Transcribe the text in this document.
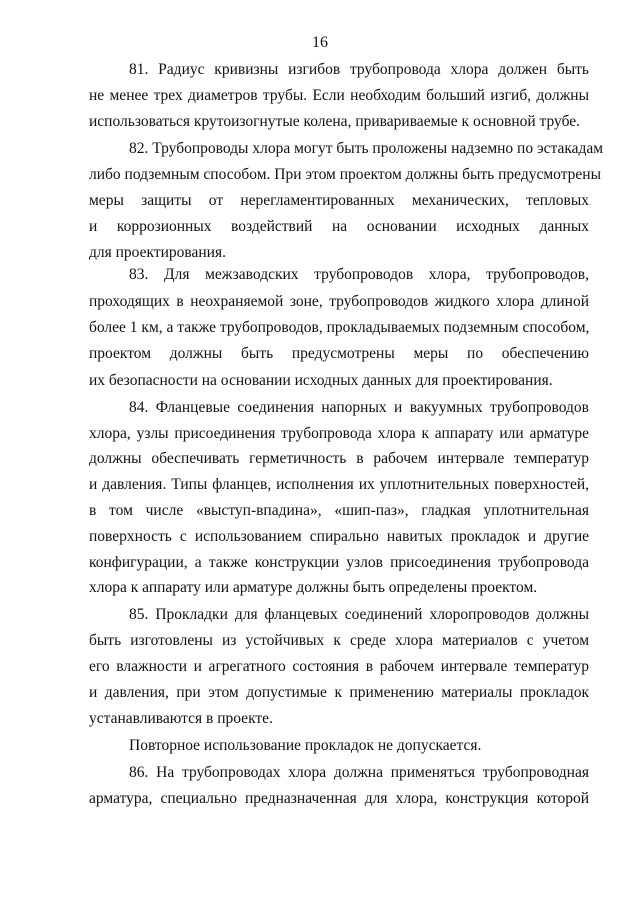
16
81. Радиус кривизны изгибов трубопровода хлора должен быть
не менее трех диаметров трубы. Если необходим больший изгиб, должны
использоваться крутоизогнутые колена, привариваемые к основной трубе.
82. Трубопроводы хлора могут быть проложены надземно по эстакадам
либо подземным способом. При этом проектом должны быть предусмотрены
меры защиты от нерегламентированных механических, тепловых
и коррозионных воздействий на основании исходных данных
для проектирования.
83. Для межзаводских трубопроводов хлора, трубопроводов,
проходящих в неохраняемой зоне, трубопроводов жидкого хлора длиной
более 1 км, а также трубопроводов, прокладываемых подземным способом,
проектом должны быть предусмотрены меры по обеспечению
их безопасности на основании исходных данных для проектирования.
84. Фланцевые соединения напорных и вакуумных трубопроводов
хлора, узлы присоединения трубопровода хлора к аппарату или арматуре
должны обеспечивать герметичность в рабочем интервале температур
и давления. Типы фланцев, исполнения их уплотнительных поверхностей,
в том числе «выступ-впадина», «шип-паз», гладкая уплотнительная
поверхность с использованием спирально навитых прокладок и другие
конфигурации, а также конструкции узлов присоединения трубопровода
хлора к аппарату или арматуре должны быть определены проектом.
85. Прокладки для фланцевых соединений хлоропроводов должны
быть изготовлены из устойчивых к среде хлора материалов с учетом
его влажности и агрегатного состояния в рабочем интервале температур
и давления, при этом допустимые к применению материалы прокладок
устанавливаются в проекте.
Повторное использование прокладок не допускается.
86. На трубопроводах хлора должна применяться трубопроводная
арматура, специально предназначенная для хлора, конструкция которой
